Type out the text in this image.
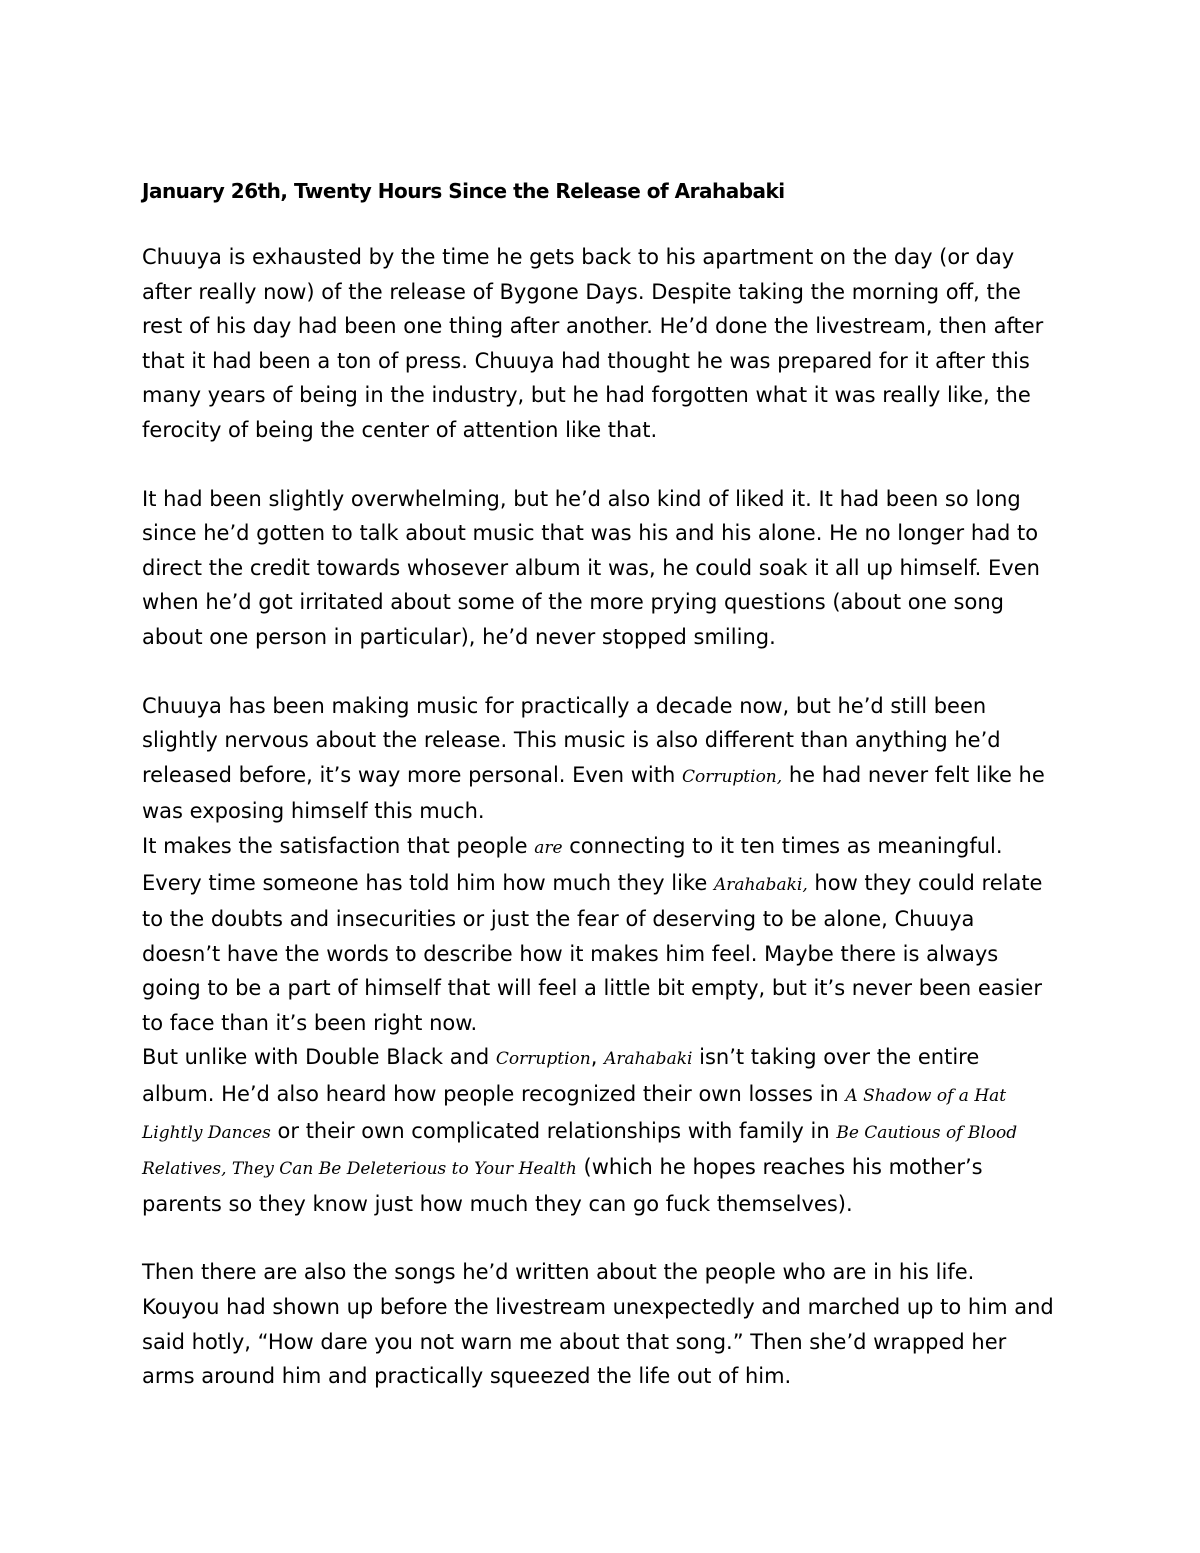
January 26th, Twenty Hours Since the Release of Arahabaki

Chuuya is exhausted by the time he gets back to his apartment on the day (or day after really now) of the release of Bygone Days. Despite taking the morning off, the rest of his day had been one thing after another. He’d done the livestream, then after that it had been a ton of press. Chuuya had thought he was prepared for it after this many years of being in the industry, but he had forgotten what it was really like, the ferocity of being the center of attention like that.

It had been slightly overwhelming, but he’d also kind of liked it. It had been so long since he’d gotten to talk about music that was his and his alone. He no longer had to direct the credit towards whosever album it was, he could soak it all up himself. Even when he’d got irritated about some of the more prying questions (about one song about one person in particular), he’d never stopped smiling.

Chuuya has been making music for practically a decade now, but he’d still been slightly nervous about the release. This music is also different than anything he’d released before, it’s way more personal. Even with Corruption, he had never felt like he was exposing himself this much.

It makes the satisfaction that people are connecting to it ten times as meaningful. Every time someone has told him how much they like Arahabaki, how they could relate to the doubts and insecurities or just the fear of deserving to be alone, Chuuya doesn’t have the words to describe how it makes him feel. Maybe there is always going to be a part of himself that will feel a little bit empty, but it’s never been easier to face than it’s been right now.

But unlike with Double Black and Corruption, Arahabaki isn’t taking over the entire album. He’d also heard how people recognized their own losses in A Shadow of a Hat Lightly Dances or their own complicated relationships with family in Be Cautious of Blood Relatives, They Can Be Deleterious to Your Health (which he hopes reaches his mother’s parents so they know just how much they can go fuck themselves).

Then there are also the songs he’d written about the people who are in his life. Kouyou had shown up before the livestream unexpectedly and marched up to him and said hotly, “How dare you not warn me about that song.” Then she’d wrapped her arms around him and practically squeezed the life out of him.
